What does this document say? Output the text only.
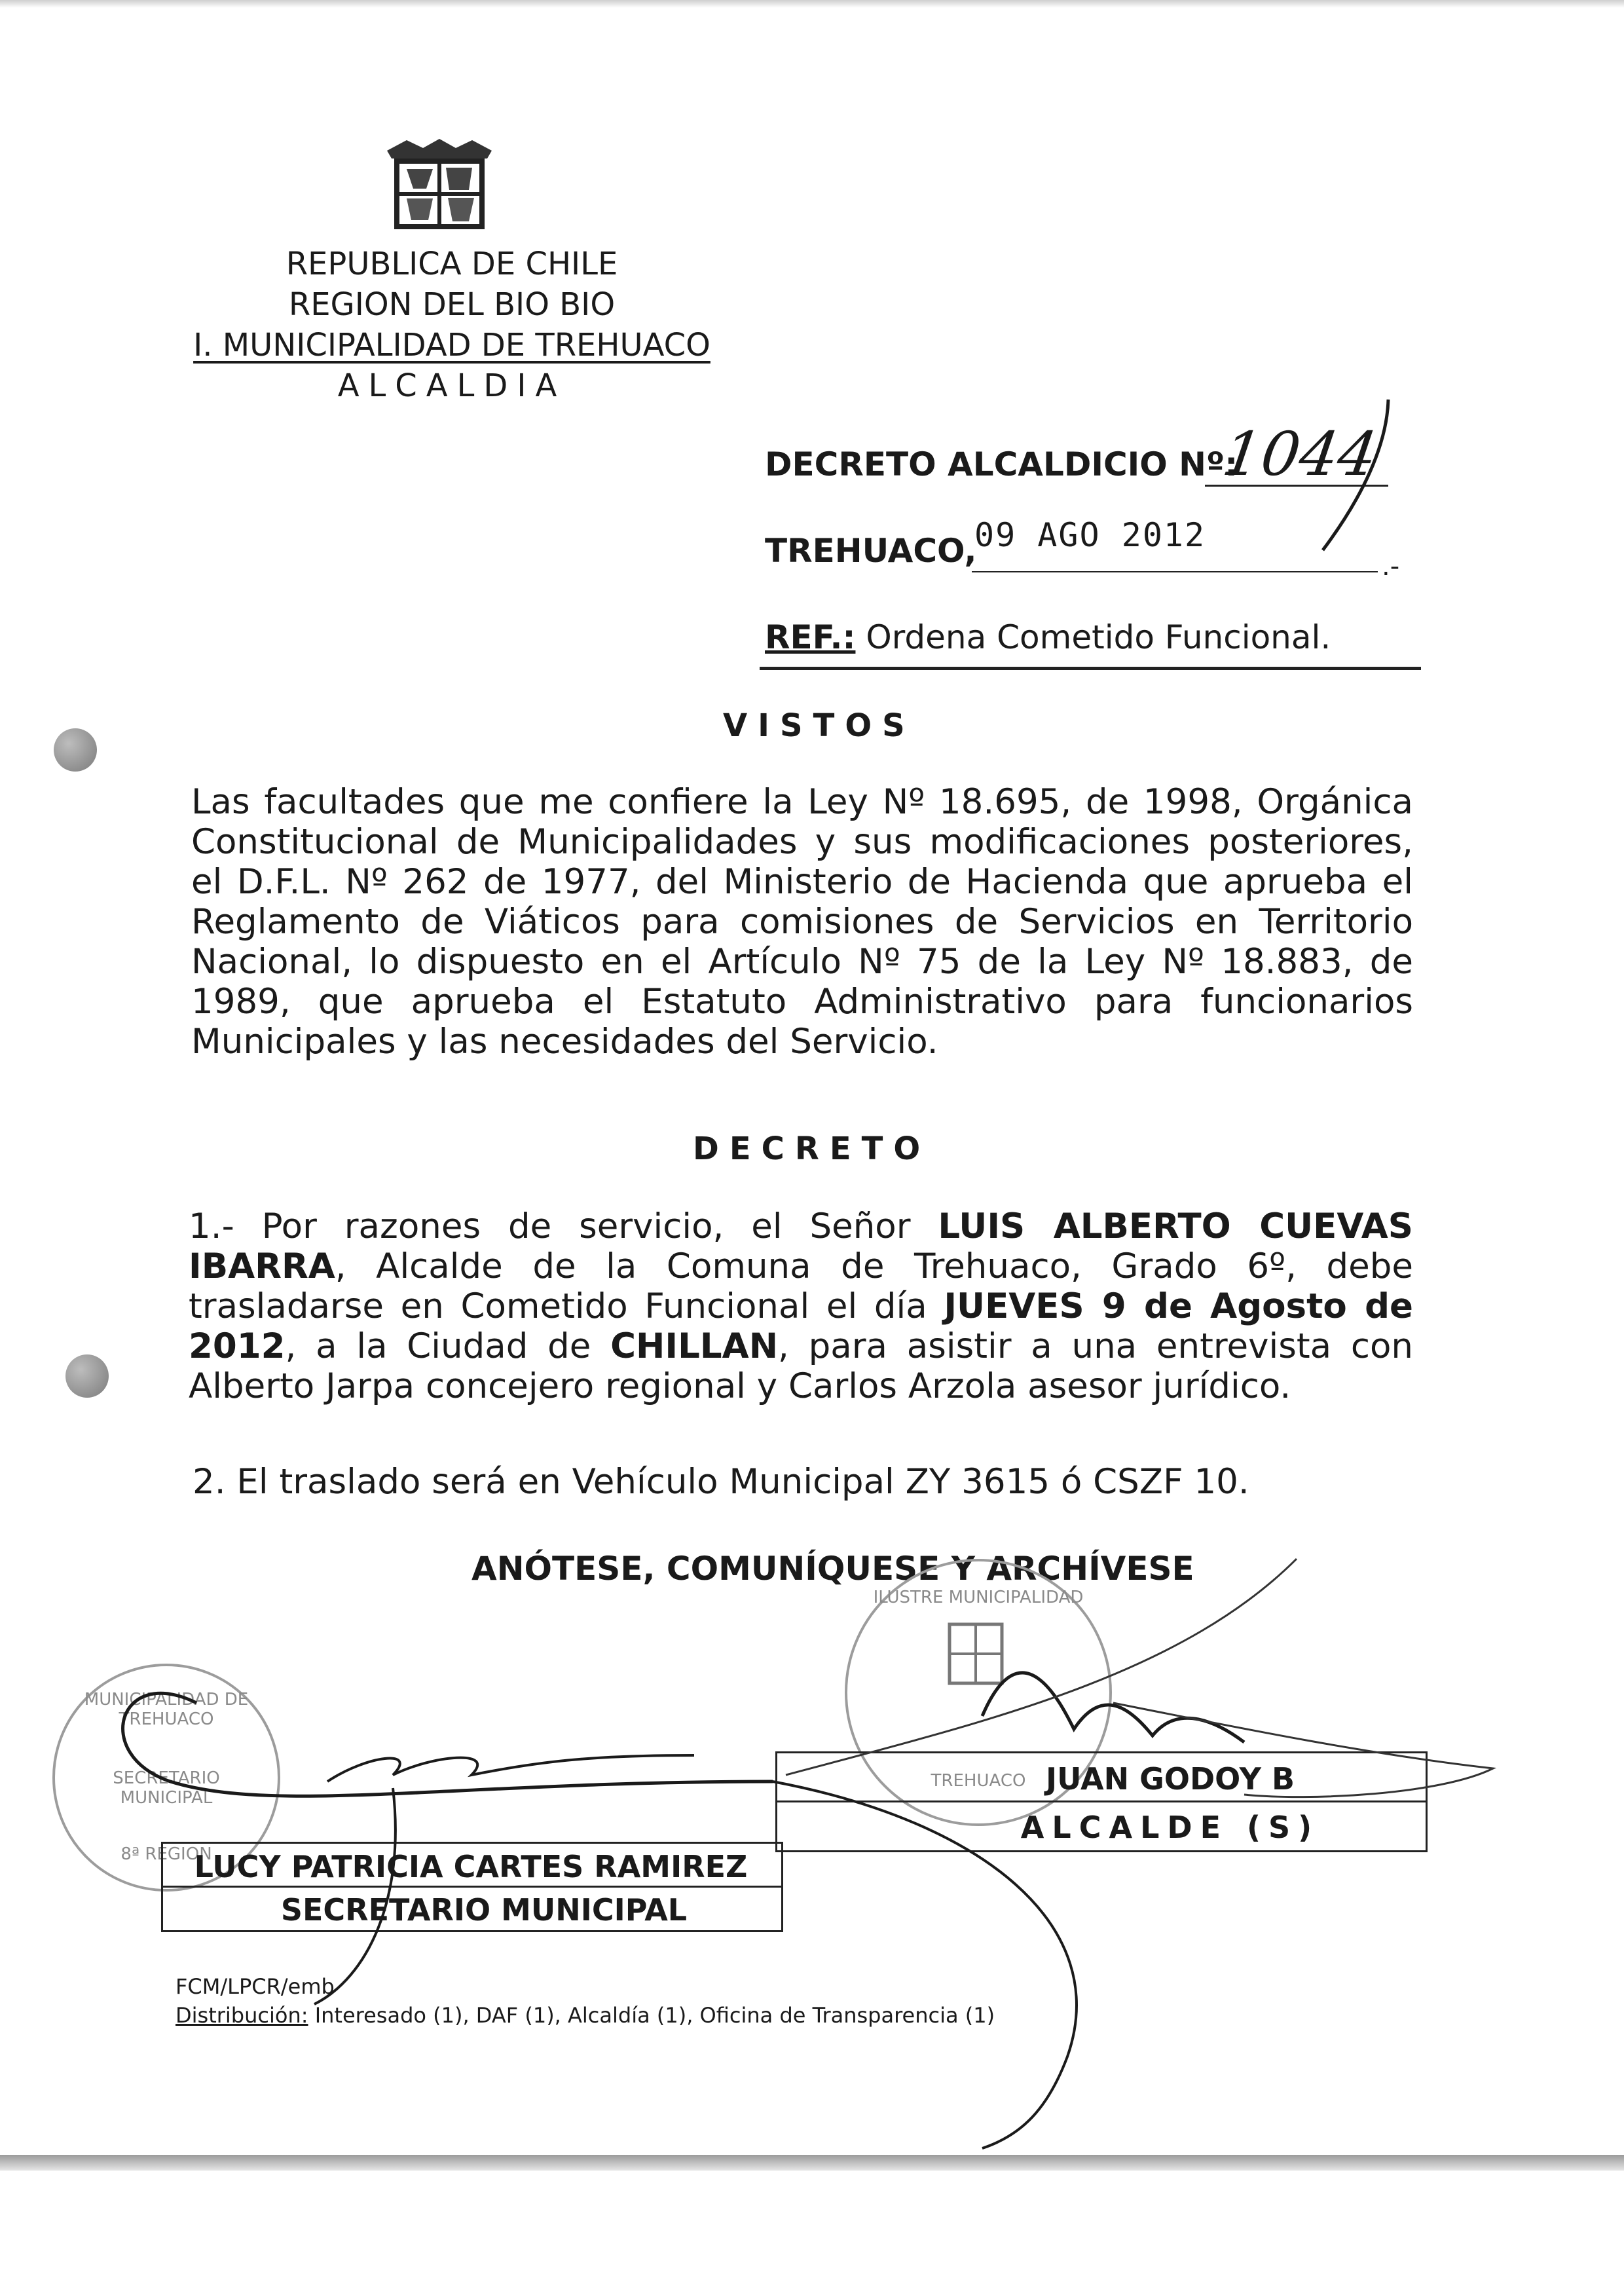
REPUBLICA DE CHILE
REGION DEL BIO BIO
I. MUNICIPALIDAD DE TREHUACO
ALCALDIA
DECRETO ALCALDICIO Nº:
1044
TREHUACO,
09 AGO 2012
.-
REF.: Ordena Cometido Funcional.
VISTOS
Las facultades que me confiere la Ley Nº 18.695, de 1998, Orgánica Constitucional de Municipalidades y sus modificaciones posteriores, el D.F.L. Nº 262 de 1977, del Ministerio de Hacienda que aprueba el Reglamento de Viáticos para comisiones de Servicios en Territorio Nacional, lo dispuesto en el Artículo Nº 75 de la Ley Nº 18.883, de 1989, que aprueba el Estatuto Administrativo para funcionarios Municipales y las necesidades del Servicio.
DECRETO
1.- Por razones de servicio, el Señor LUIS ALBERTO CUEVAS IBARRA, Alcalde de la Comuna de Trehuaco, Grado 6º, debe trasladarse en Cometido Funcional el día JUEVES 9 de Agosto de 2012, a la Ciudad de CHILLAN, para asistir a una entrevista con Alberto Jarpa concejero regional y Carlos Arzola asesor jurídico.
2. El traslado será en Vehículo Municipal ZY 3615 ó CSZF 10.
ANÓTESE, COMUNÍQUESE Y ARCHÍVESE
MUNICIPALIDAD DE TREHUACO
SECRETARIO MUNICIPAL
8ª REGION
ILUSTRE MUNICIPALIDAD
TREHUACO JUAN GODOY B
ALCALDE (S)
LUCY PATRICIA CARTES RAMIREZ
SECRETARIO MUNICIPAL
FCM/LPCR/emb
Distribución: Interesado (1), DAF (1), Alcaldía (1), Oficina de Transparencia (1)
